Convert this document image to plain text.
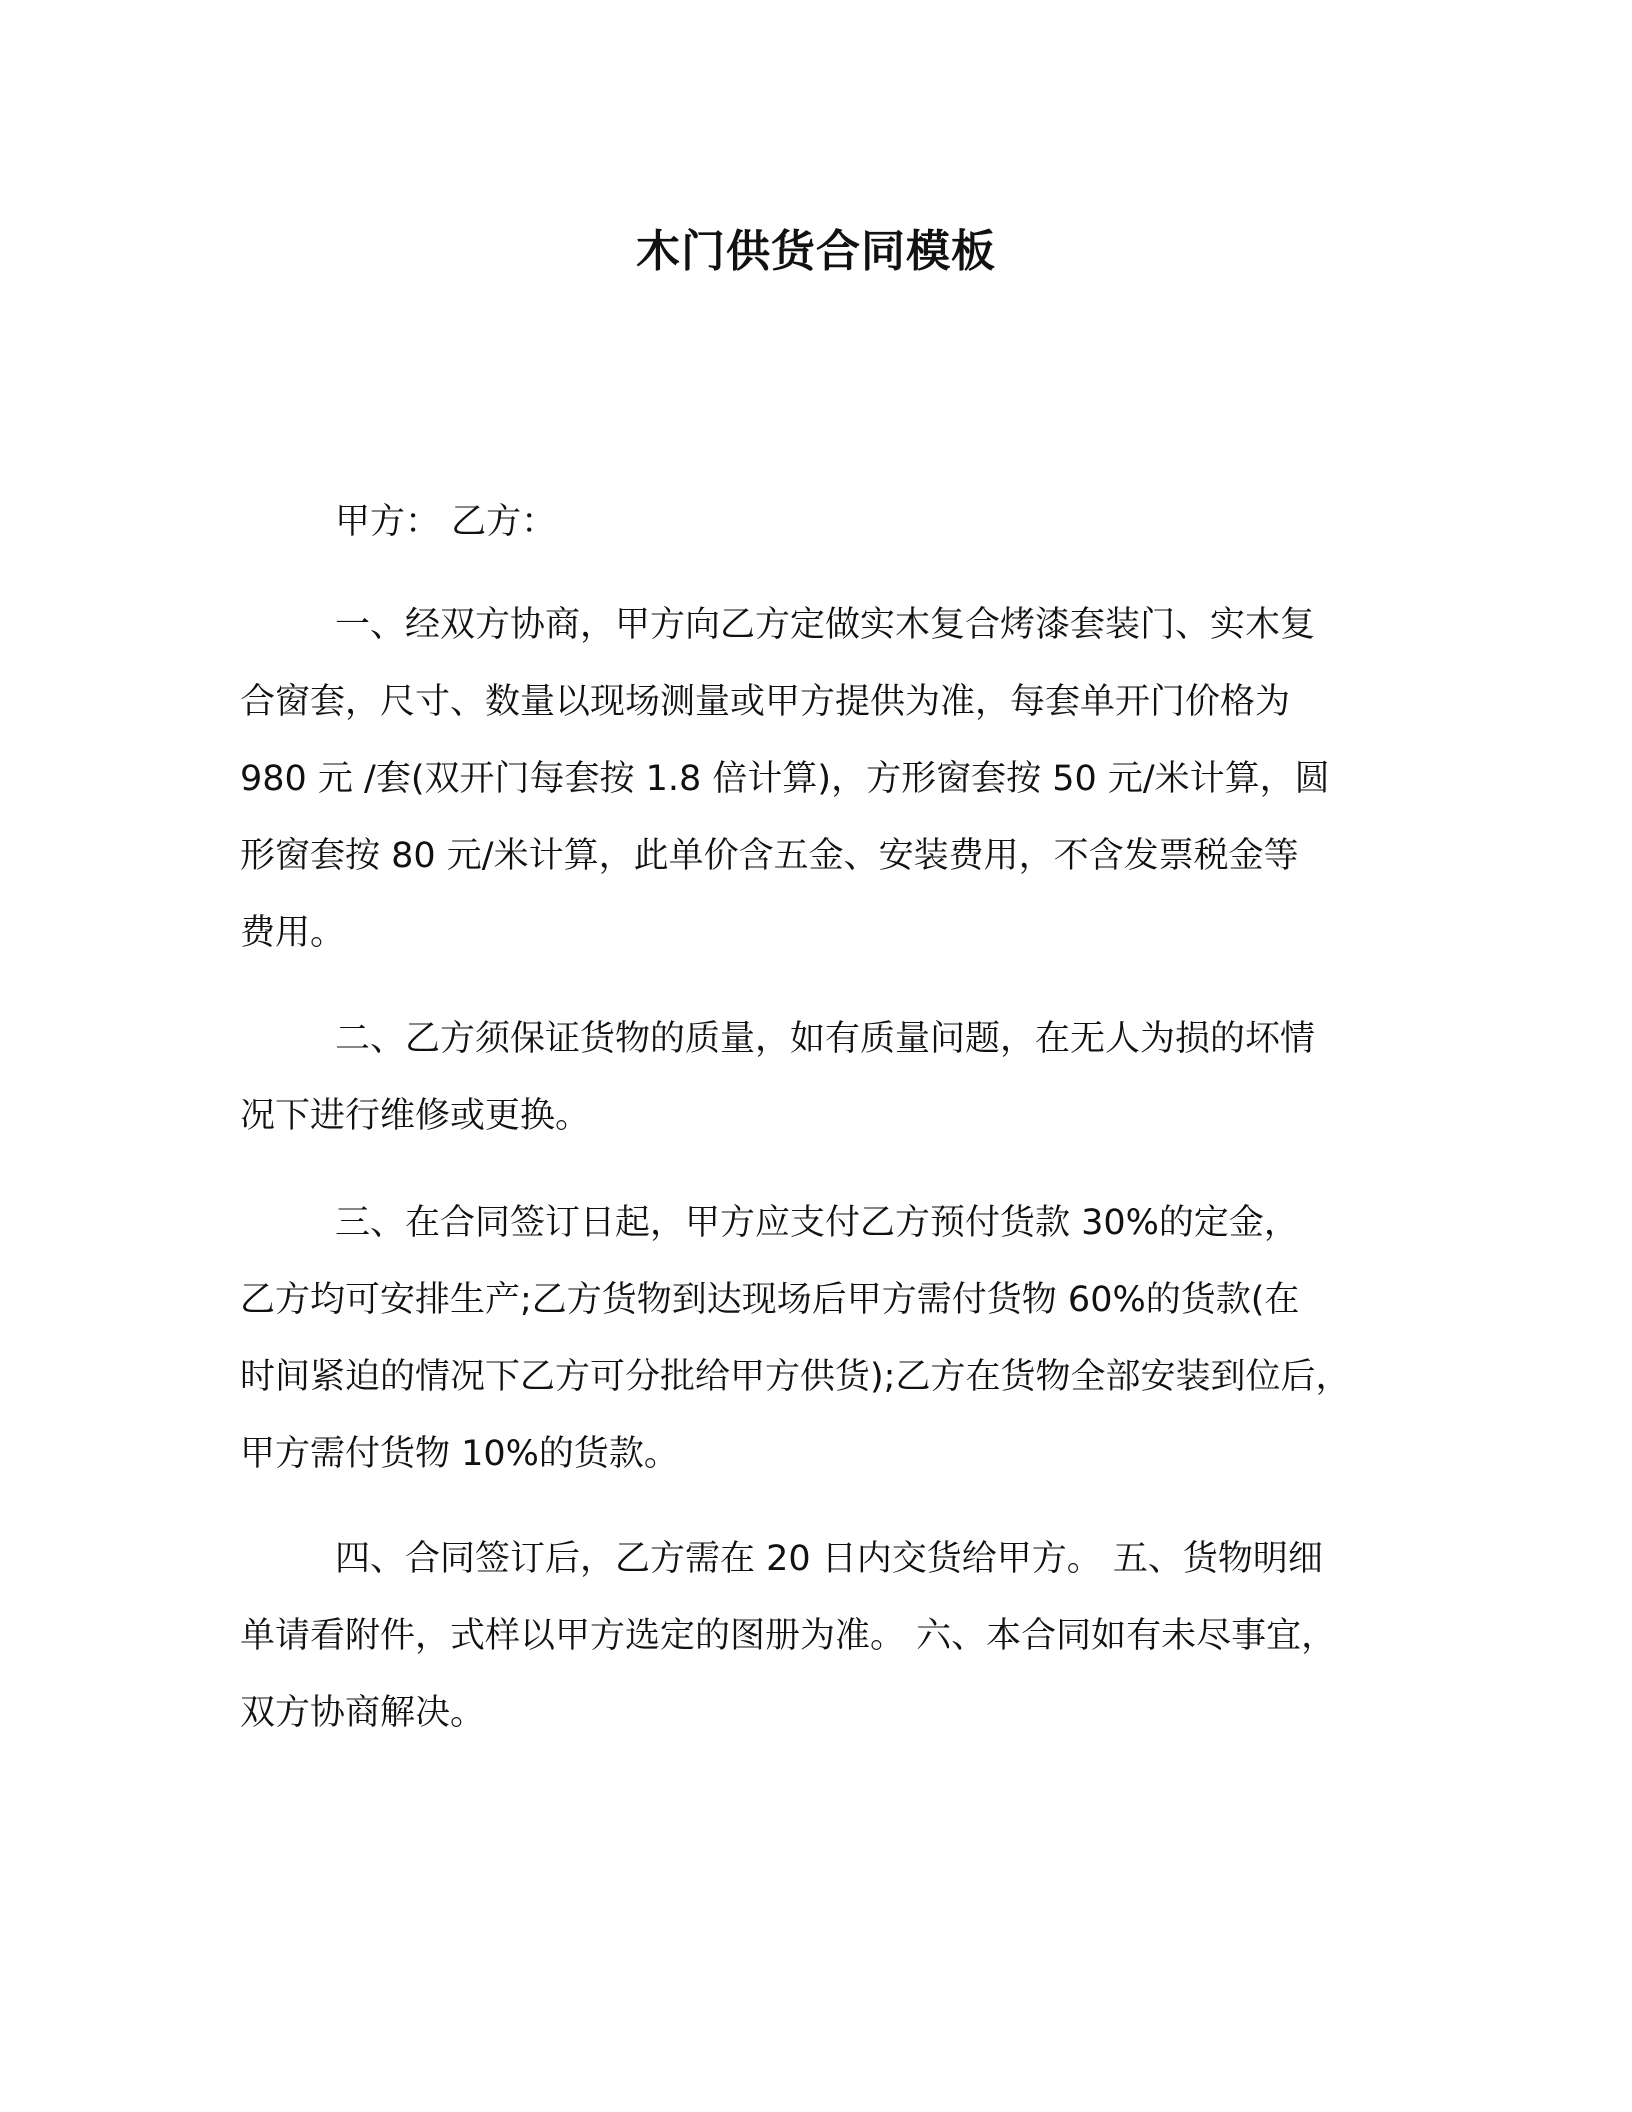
木门供货合同模板

甲方： 乙方：

一、经双方协商，甲方向乙方定做实木复合烤漆套装门、实木复
合窗套，尺寸、数量以现场测量或甲方提供为准，每套单开门价格为
980 元 /套(双开门每套按 1.8 倍计算)，方形窗套按 50 元/米计算，圆
形窗套按 80 元/米计算，此单价含五金、安装费用，不含发票税金等
费用。

二、乙方须保证货物的质量，如有质量问题，在无人为损的坏情
况下进行维修或更换。

三、在合同签订日起，甲方应支付乙方预付货款 30%的定金，
乙方均可安排生产;乙方货物到达现场后甲方需付货物 60%的货款(在
时间紧迫的情况下乙方可分批给甲方供货);乙方在货物全部安装到位后，
甲方需付货物 10%的货款。

四、合同签订后，乙方需在 20 日内交货给甲方。 五、货物明细
单请看附件，式样以甲方选定的图册为准。 六、本合同如有未尽事宜，
双方协商解决。
